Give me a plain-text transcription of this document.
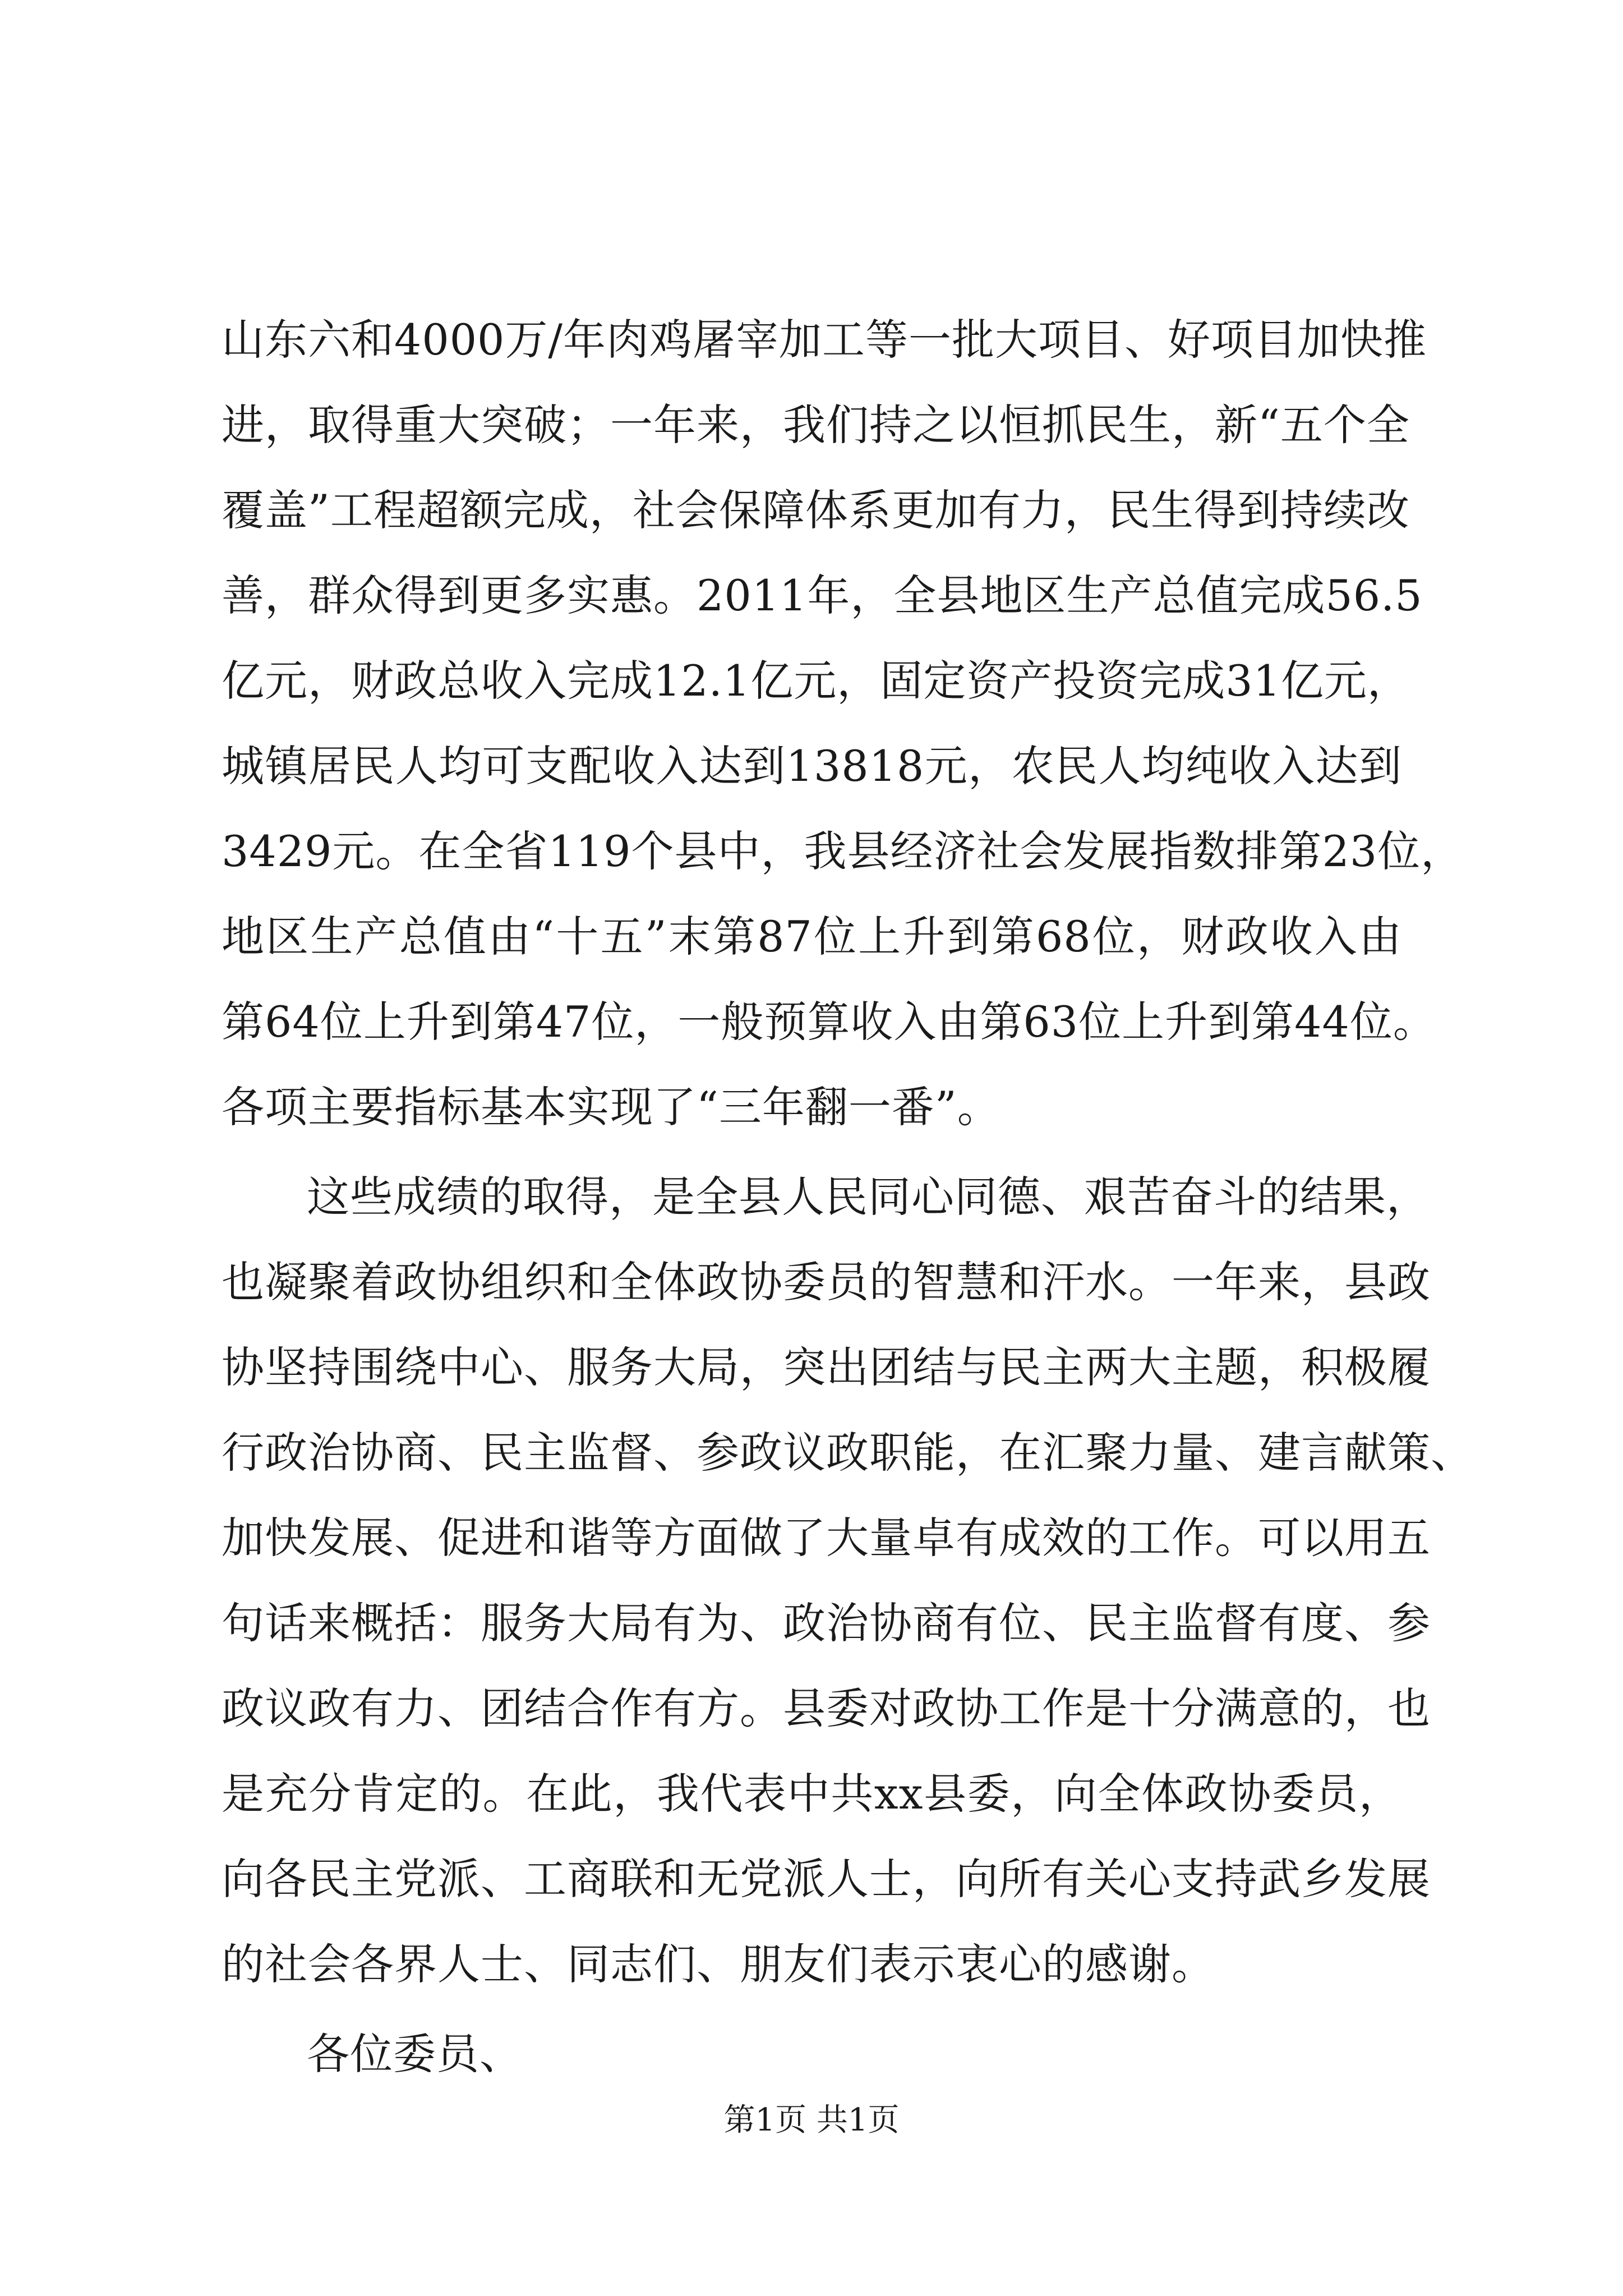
山东六和4000万/年肉鸡屠宰加工等一批大项目、好项目加快推
进，取得重大突破；一年来，我们持之以恒抓民生，新“五个全
覆盖”工程超额完成，社会保障体系更加有力，民生得到持续改
善，群众得到更多实惠。2011年，全县地区生产总值完成56.5
亿元，财政总收入完成12.1亿元，固定资产投资完成31亿元，
城镇居民人均可支配收入达到13818元，农民人均纯收入达到
3429元。在全省119个县中，我县经济社会发展指数排第23位，
地区生产总值由“十五”末第87位上升到第68位，财政收入由
第64位上升到第47位，一般预算收入由第63位上升到第44位。
各项主要指标基本实现了“三年翻一番”。
这些成绩的取得，是全县人民同心同德、艰苦奋斗的结果，
也凝聚着政协组织和全体政协委员的智慧和汗水。一年来，县政
协坚持围绕中心、服务大局，突出团结与民主两大主题，积极履
行政治协商、民主监督、参政议政职能，在汇聚力量、建言献策、
加快发展、促进和谐等方面做了大量卓有成效的工作。可以用五
句话来概括：服务大局有为、政治协商有位、民主监督有度、参
政议政有力、团结合作有方。县委对政协工作是十分满意的，也
是充分肯定的。在此，我代表中共xx县委，向全体政协委员，
向各民主党派、工商联和无党派人士，向所有关心支持武乡发展
的社会各界人士、同志们、朋友们表示衷心的感谢。
各位委员、
第1页 共1页
